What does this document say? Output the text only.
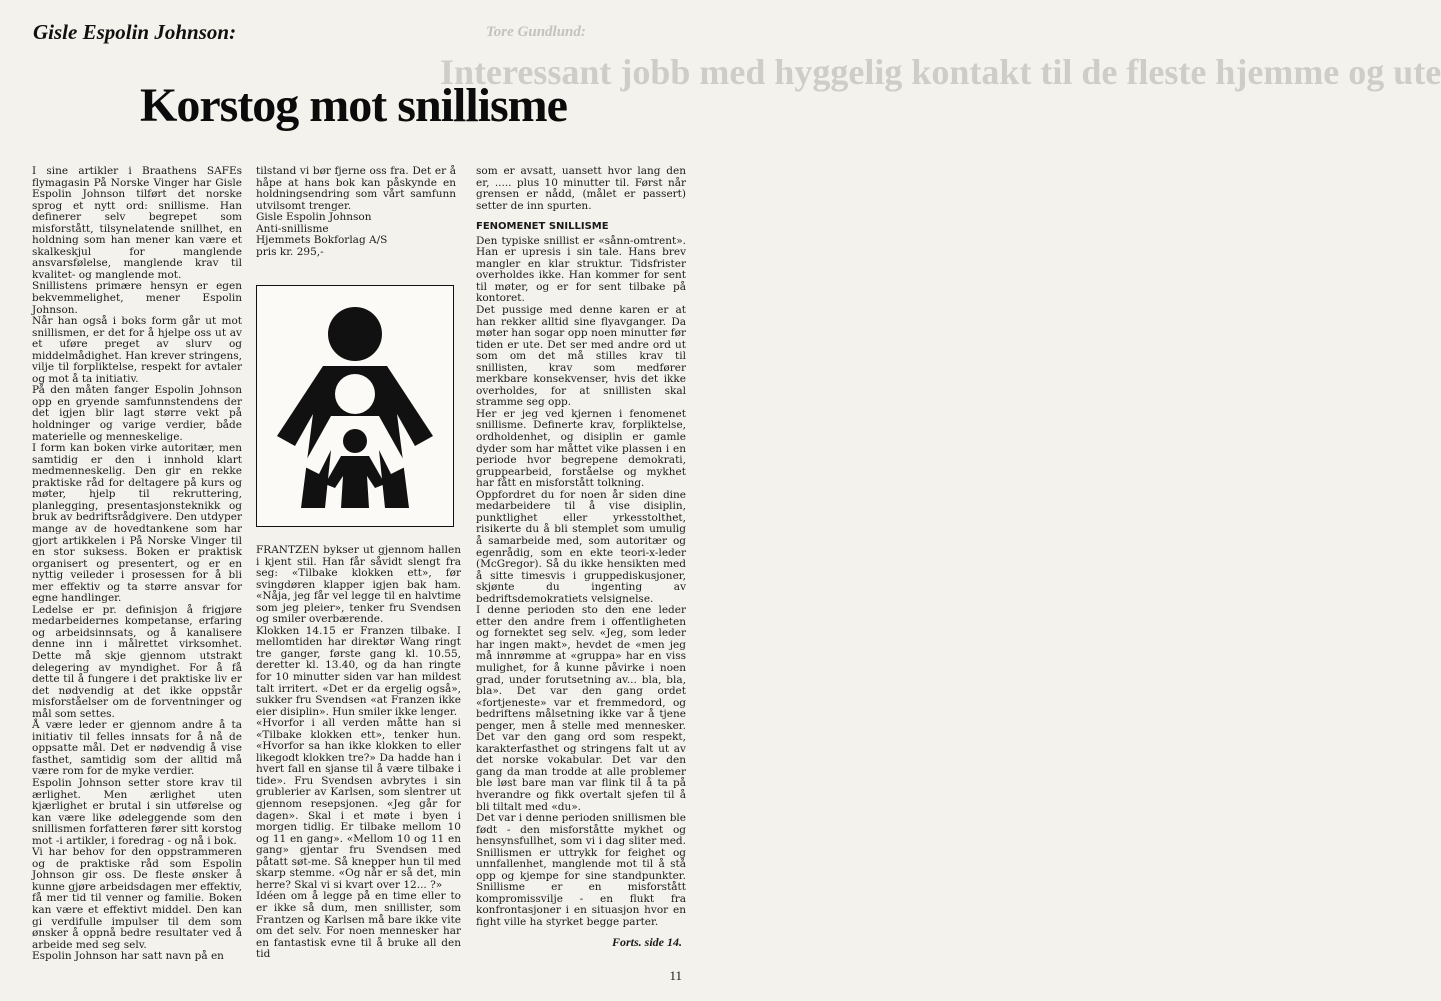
Tore Gundlund:
Interessant jobb med hyggelig kontakt til de fleste hjemme og ute
Gisle Espolin Johnson:
Korstog mot snillisme

I sine artikler i Braathens SAFEs flymagasin På Norske Vinger har Gisle Espolin Johnson tilført det norske sprog et nytt ord: snillisme. Han definerer selv begrepet som misforstått, tilsynelatende snillhet, en holdning som han mener kan være et skalkeskjul for manglende ansvarsfølelse, manglende krav til kvalitet- og manglende mot.

Snillistens primære hensyn er egen bekvemmelighet, mener Espolin Johnson.

Når han også i boks form går ut mot snillismen, er det for å hjelpe oss ut av et uføre preget av slurv og middelmådighet. Han krever stringens, vilje til forpliktelse, respekt for avtaler og mot å ta initiativ.

På den måten fanger Espolin Johnson opp en gryende samfunnstendens der det igjen blir lagt større vekt på holdninger og varige verdier, både materielle og menneskelige.

I form kan boken virke autoritær, men samtidig er den i innhold klart medmenneskelig. Den gir en rekke praktiske råd for deltagere på kurs og møter, hjelp til rekruttering, planlegging, presentasjonsteknikk og bruk av bedriftsrådgivere. Den utdyper mange av de hovedtankene som har gjort artikkelen i På Norske Vinger til en stor suksess. Boken er praktisk organisert og presentert, og er en nyttig veileder i prosessen for å bli mer effektiv og ta større ansvar for egne handlinger.

Ledelse er pr. definisjon å frigjøre medarbeidernes kompetanse, erfaring og arbeidsinnsats, og å kanalisere denne inn i målrettet virksomhet. Dette må skje gjennom utstrakt delegering av myndighet. For å få dette til å fungere i det praktiske liv er det nødvendig at det ikke oppstår misforståelser om de forventninger og mål som settes.

Å være leder er gjennom andre å ta initiativ til felles innsats for å nå de oppsatte mål. Det er nødvendig å vise fasthet, samtidig som der alltid må være rom for de myke verdier.

Espolin Johnson setter store krav til ærlighet. Men ærlighet uten kjærlighet er brutal i sin utførelse og kan være like ødeleggende som den snillismen forfatteren fører sitt korstog mot -i artikler, i foredrag - og nå i bok.

Vi har behov for den oppstrammeren og de praktiske råd som Espolin Johnson gir oss. De fleste ønsker å kunne gjøre arbeidsdagen mer effektiv, få mer tid til venner og familie. Boken kan være et effektivt middel. Den kan gi verdifulle impulser til dem som ønsker å oppnå bedre resultater ved å arbeide med seg selv.

Espolin Johnson har satt navn på en

tilstand vi bør fjerne oss fra. Det er å håpe at hans bok kan påskynde en holdningsendring som vårt samfunn utvilsomt trenger.

Gisle Espolin Johnson
Anti-snillisme
Hjemmets Bokforlag A/S
pris kr. 295,-

FRANTZEN bykser ut gjennom hallen i kjent stil. Han får såvidt slengt fra seg: «Tilbake klokken ett», før svingdøren klapper igjen bak ham. «Nåja, jeg får vel legge til en halvtime som jeg pleier», tenker fru Svendsen og smiler overbærende.

Klokken 14.15 er Franzen tilbake. I mellomtiden har direktør Wang ringt tre ganger, første gang kl. 10.55, deretter kl. 13.40, og da han ringte for 10 minutter siden var han mildest talt irritert. «Det er da ergelig også», sukker fru Svendsen «at Franzen ikke eier disiplin». Hun smiler ikke lenger.

«Hvorfor i all verden måtte han si «Tilbake klokken ett», tenker hun. «Hvorfor sa han ikke klokken to eller likegodt klokken tre?» Da hadde han i hvert fall en sjanse til å være tilbake i tide». Fru Svendsen avbrytes i sin grublerier av Karlsen, som slentrer ut gjennom resepsjonen. «Jeg går for dagen». Skal i et møte i byen i morgen tidlig. Er tilbake mellom 10 og 11 en gang». «Mellom 10 og 11 en gang» gjentar fru Svendsen med påtatt søt-me. Så knepper hun til med skarp stemme. «Og når er så det, min herre? Skal vi si kvart over 12... ?»

Idéen om å legge på en time eller to er ikke så dum, men snillister, som Frantzen og Karlsen må bare ikke vite om det selv. For noen mennesker har en fantastisk evne til å bruke all den tid

som er avsatt, uansett hvor lang den er, ..... plus 10 minutter til. Først når grensen er nådd, (målet er passert) setter de inn spurten.

FENOMENET SNILLISME

Den typiske snillist er «sånn-omtrent». Han er upresis i sin tale. Hans brev mangler en klar struktur. Tidsfrister overholdes ikke. Han kommer for sent til møter, og er for sent tilbake på kontoret.

Det pussige med denne karen er at han rekker alltid sine flyavganger. Da møter han sogar opp noen minutter før tiden er ute. Det ser med andre ord ut som om det må stilles krav til snillisten, krav som medfører merkbare konsekvenser, hvis det ikke overholdes, for at snillisten skal stramme seg opp.

Her er jeg ved kjernen i fenomenet snillisme. Definerte krav, forpliktelse, ordholdenhet, og disiplin er gamle dyder som har måttet vike plassen i en periode hvor begrepene demokrati, gruppearbeid, forståelse og mykhet har fått en misforstått tolkning.

Oppfordret du for noen år siden dine medarbeidere til å vise disiplin, punktlighet eller yrkesstolthet, risikerte du å bli stemplet som umulig å samarbeide med, som autoritær og egenrådig, som en ekte teori-x-leder (McGregor). Så du ikke hensikten med å sitte timesvis i gruppediskusjoner, skjønte du ingenting av bedriftsdemokratiets velsignelse.

I denne perioden sto den ene leder etter den andre frem i offentligheten og fornektet seg selv. «Jeg, som leder har ingen makt», hevdet de «men jeg må innrømme at «gruppa» har en viss mulighet, for å kunne påvirke i noen grad, under forutsetning av... bla, bla, bla». Det var den gang ordet «fortjeneste» var et fremmedord, og bedriftens målsetning ikke var å tjene penger, men å stelle med mennesker. Det var den gang ord som respekt, karakterfasthet og stringens falt ut av det norske vokabular. Det var den gang da man trodde at alle problemer ble løst bare man var flink til å ta på hverandre og fikk overtalt sjefen til å bli tiltalt med «du».

Det var i denne perioden snillismen ble født - den misforståtte mykhet og hensynsfullhet, som vi i dag sliter med. Snillismen er uttrykk for feighet og unnfallenhet, manglende mot til å stå opp og kjempe for sine standpunkter. Snillisme er en misforstått kompromissvilje - en flukt fra konfrontasjoner i en situasjon hvor en fight ville ha styrket begge parter.

Forts. side 14.
11
